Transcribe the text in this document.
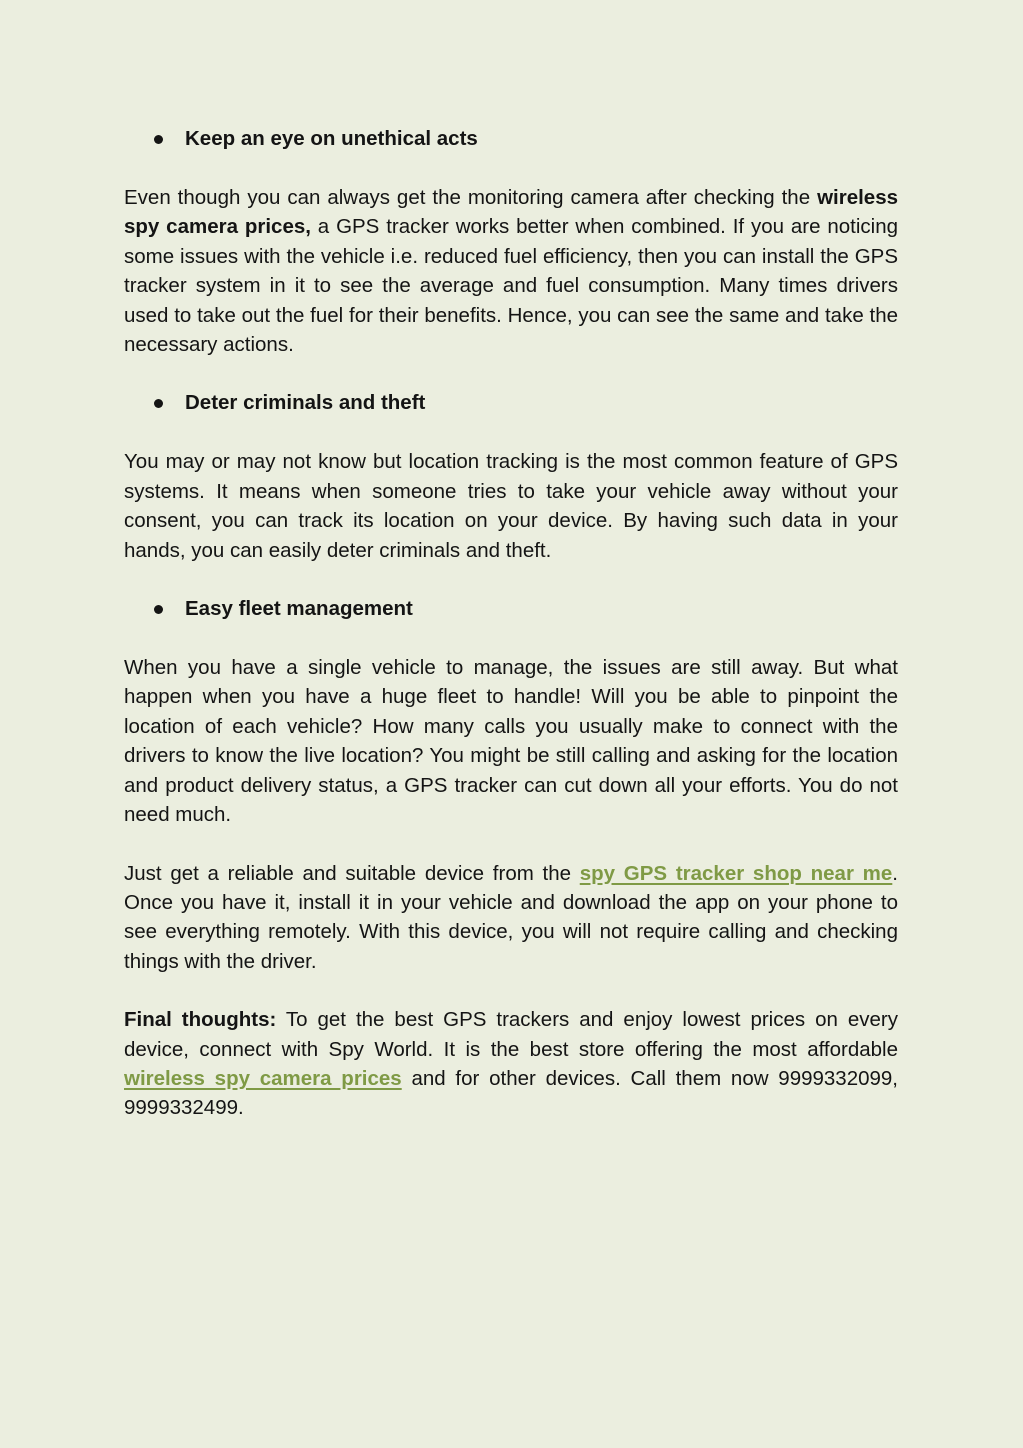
Keep an eye on unethical acts

Even though you can always get the monitoring camera after checking the wireless spy camera prices, a GPS tracker works better when combined. If you are noticing some issues with the vehicle i.e. reduced fuel efficiency, then you can install the GPS tracker system in it to see the average and fuel consumption. Many times drivers used to take out the fuel for their benefits. Hence, you can see the same and take the necessary actions.

Deter criminals and theft

You may or may not know but location tracking is the most common feature of GPS systems. It means when someone tries to take your vehicle away without your consent, you can track its location on your device. By having such data in your hands, you can easily deter criminals and theft.

Easy fleet management

When you have a single vehicle to manage, the issues are still away. But what happen when you have a huge fleet to handle! Will you be able to pinpoint the location of each vehicle? How many calls you usually make to connect with the drivers to know the live location? You might be still calling and asking for the location and product delivery status, a GPS tracker can cut down all your efforts. You do not need much.

Just get a reliable and suitable device from the spy GPS tracker shop near me. Once you have it, install it in your vehicle and download the app on your phone to see everything remotely. With this device, you will not require calling and checking things with the driver.

Final thoughts: To get the best GPS trackers and enjoy lowest prices on every device, connect with Spy World. It is the best store offering the most affordable wireless spy camera prices and for other devices. Call them now 9999332099, 9999332499.
